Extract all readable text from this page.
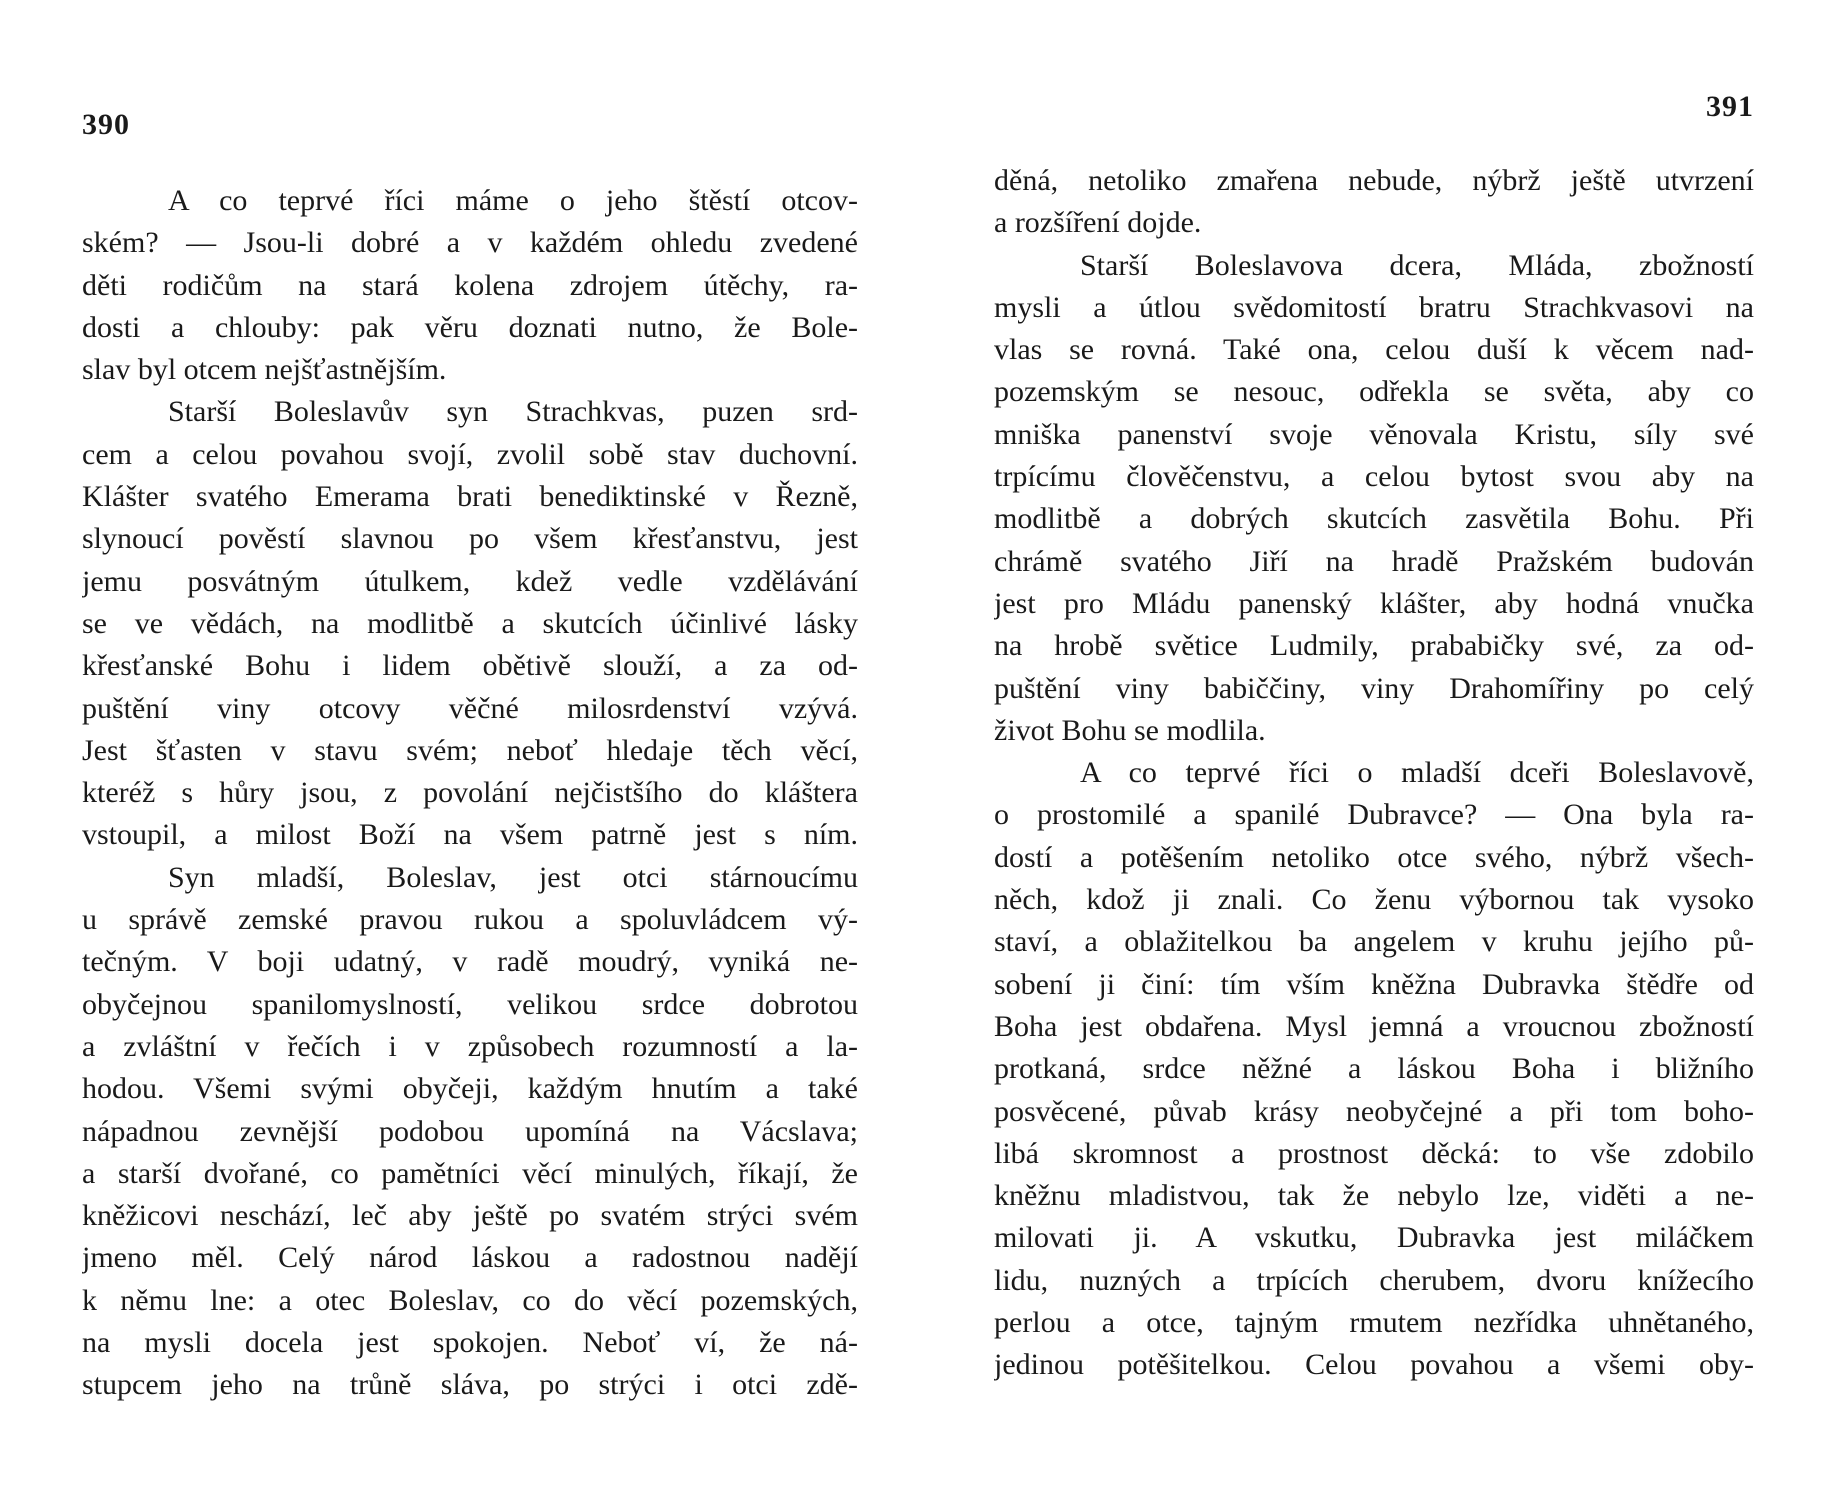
390
A co teprvé říci máme o jeho štěstí otcov-
ském? — Jsou-li dobré a v každém ohledu zvedené
děti rodičům na stará kolena zdrojem útěchy, ra-
dosti a chlouby: pak věru doznati nutno, že Bole-
slav byl otcem nejšťastnějším.
Starší Boleslavův syn Strachkvas, puzen srd-
cem a celou povahou svojí, zvolil sobě stav duchovní.
Klášter svatého Emerama brati benediktinské v Řezně,
slynoucí pověstí slavnou po všem křesťanstvu, jest
jemu posvátným útulkem, kdež vedle vzdělávání
se ve vědách, na modlitbě a skutcích účinlivé lásky
křesťanské Bohu i lidem obětivě slouží, a za od-
puštění viny otcovy věčné milosrdenství vzývá.
Jest šťasten v stavu svém; neboť hledaje těch věcí,
kteréž s hůry jsou, z povolání nejčistšího do kláštera
vstoupil, a milost Boží na všem patrně jest s ním.
Syn mladší, Boleslav, jest otci stárnoucímu
u správě zemské pravou rukou a spoluvládcem vý-
tečným. V boji udatný, v radě moudrý, vyniká ne-
obyčejnou spanilomyslností, velikou srdce dobrotou
a zvláštní v řečích i v způsobech rozumností a la-
hodou. Všemi svými obyčeji, každým hnutím a také
nápadnou zevnější podobou upomíná na Vácslava;
a starší dvořané, co pamětníci věcí minulých, říkají, že
kněžicovi neschází, leč aby ještě po svatém strýci svém
jmeno měl. Celý národ láskou a radostnou nadějí
k němu lne: a otec Boleslav, co do věcí pozemských,
na mysli docela jest spokojen. Neboť ví, že ná-
stupcem jeho na trůně sláva, po strýci i otci zdě-
391
děná, netoliko zmařena nebude, nýbrž ještě utvrzení
a rozšíření dojde.
Starší Boleslavova dcera, Mláda, zbožností
mysli a útlou svědomitostí bratru Strachkvasovi na
vlas se rovná. Také ona, celou duší k věcem nad-
pozemským se nesouc, odřekla se světa, aby co
mniška panenství svoje věnovala Kristu, síly své
trpícímu člověčenstvu, a celou bytost svou aby na
modlitbě a dobrých skutcích zasvětila Bohu. Při
chrámě svatého Jiří na hradě Pražském budován
jest pro Mládu panenský klášter, aby hodná vnučka
na hrobě světice Ludmily, prababičky své, za od-
puštění viny babiččiny, viny Drahomířiny po celý
život Bohu se modlila.
A co teprvé říci o mladší dceři Boleslavově,
o prostomilé a spanilé Dubravce? — Ona byla ra-
dostí a potěšením netoliko otce svého, nýbrž všech-
něch, kdož ji znali. Co ženu výbornou tak vysoko
staví, a oblažitelkou ba angelem v kruhu jejího pů-
sobení ji činí: tím vším kněžna Dubravka štědře od
Boha jest obdařena. Mysl jemná a vroucnou zbožností
protkaná, srdce něžné a láskou Boha i bližního
posvěcené, půvab krásy neobyčejné a při tom boho-
libá skromnost a prostnost děcká: to vše zdobilo
kněžnu mladistvou, tak že nebylo lze, viděti a ne-
milovati ji. A vskutku, Dubravka jest miláčkem
lidu, nuzných a trpících cherubem, dvoru knížecího
perlou a otce, tajným rmutem nezřídka uhnětaného,
jedinou potěšitelkou. Celou povahou a všemi oby-
